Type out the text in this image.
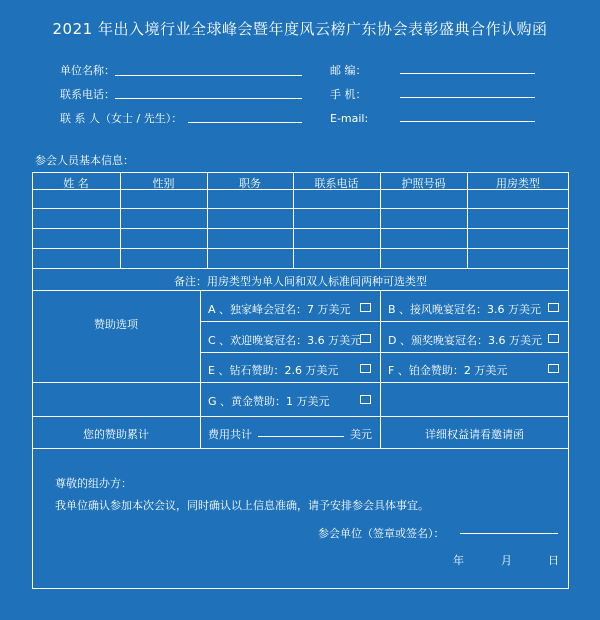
2021 年出入境行业全球峰会暨年度风云榜广东协会表彰盛典合作认购函
单位名称：	邮 编：
联系电话：	手 机：
联 系 人（女士 / 先生）：	E-mail:
参会人员基本信息：
姓 名	性别	职务	联系电话	护照号码	用房类型
备注：用房类型为单人间和双人标准间两种可选类型
赞助选项
A 、独家峰会冠名：7 万美元	B 、接风晚宴冠名：3.6 万美元
C 、欢迎晚宴冠名：3.6 万美元 D 、颁奖晚宴冠名：3.6 万美元
E 、钻石赞助：2.6 万美元	F 、铂金赞助：2 万美元
G 、黄金赞助：1 万美元
您的赞助累计	费用共计	美元	详细权益请看邀请函
尊敬的组办方：
我单位确认参加本次会议，同时确认以上信息准确，请予安排参会具体事宜。
参会单位（签章或签名）：
年	月	日
